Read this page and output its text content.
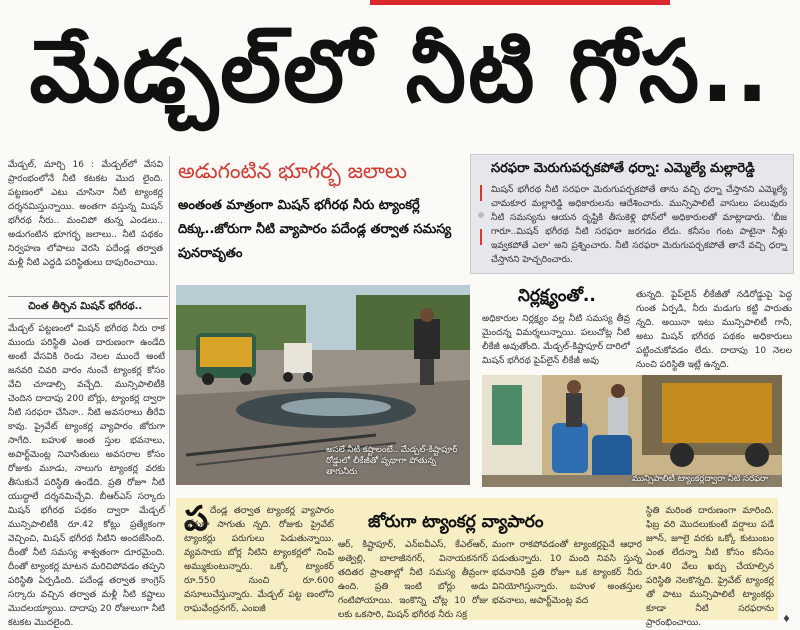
మేడ్చల్‌లో నీటి గోస..
మేడ్చల్‌, మార్చి 16 : మేడ్చల్‌లో వేసవి ప్రారంభంలోనే నీటి కటకట మొద లైంది. పట్టణంలో ఎటు చూసినా నీటి ట్యాంకర్ల దర్శనమిస్తున్నాయి. అంతగా వస్తున్న మిషన్‌ భగీరథ నీరు.. మంచిపో తున్న ఎండలు.. అడుగంటిన భూగర్భ జలాలు.. నీటి పథకం నిర్వహణ లోపాలు వెరసి పదేండ్ల తర్వాత మళ్లీ నీటి ఎద్దడి పరిస్థితులు దాపురించాయి.
చింత తీర్చిన మిషన్‌ భగీరథ..
మేడ్చల్‌ పట్టణంలో మిషన్‌ భగీరథ నీరు రాక ముందు పరిస్థితి ఎంత దారుణంగా ఉండేది అంటే వేసవికి రెండు నెలల ముందే అంటే జనవరి చివరి వారం నుంచే ట్యాంకర్ల కోసం వేచి చూడాల్సి వచ్చేది. మున్సిపాలిటీకి చెందిన దాదాపు 200 బోర్లు, ట్యాంకర్ల ద్వారా నీటి సరఫరా చేసినా.. నీటి అవసరాలు తీరేవి కావు. ప్రైవేట్‌ ట్యాంకర్ల వ్యాపారం జోరుగా సాగేది. బహుళ అంత స్తుల భవనాలు, అపార్ట్‌మెంట్ల నివాసితులు అవసరాల కోసం రోజుకు మూడు, నాలుగు ట్యాంకర్ల వరకు తీసుకునే పరిస్థితి ఉండేది. ప్రతి రోజూ నీటి యుద్ధాలే దర్శనమిచ్చేవి. బీఆర్‌ఎస్‌ సర్కారు మిషన్‌ భగీరథ పథకం ద్వారా మేడ్చల్‌ మున్సిపాలిటీకి రూ.42 కోట్లు ప్రత్యేకంగా వెచ్చించి, మిషన్‌ భగీరథ నీటిని అందజేసింది. దీంతో నీటి సమస్య శాశ్వతంగా దూరమైంది. దీంతో ట్యాంకర్ల మాటన మరిచిపోవడం తప్పని పరిస్థితి ఏర్పడింది. పదేండ్ల తర్వాత కాంగ్రెస్‌ సర్కారు వచ్చిన తర్వాత మళ్లీ నీటి కష్టాలు మొదలయ్యాయి. దాదాపు 20 రోజులుగా నీటి కటకట మొదలైంది.
అడుగంటిన భూగర్భ జలాలు
అంతంత మాత్రంగా మిషన్‌ భగీరథ నీరు ట్యాంకర్లే దిక్కు..జోరుగా నీటి వ్యాపారం పదేండ్ల తర్వాత సమస్య పునరావృతం
సరఫరా మెరుగుపర్చకపోతే ధర్నా: ఎమ్మెల్యే మల్లారెడ్డి
మిషన్‌ భగీరథ నీటి సరఫరా మెరుగుపర్చకపోతే తాను వచ్చి ధర్నా చేస్తానని ఎమ్మెల్యే చామకూర మల్లారెడ్డి అధికారులను ఆదేశించారు. మున్సిపాలిటీ వాసులు పలువురు నీటి సమస్యను ఆయన దృష్టికి తీసుకెళ్లి ఫోన్‌లో అధికారులతో మాట్లాడారు. 'బీజ గారూ..మిషన్‌ భగీరథ నీటి సరఫరా జరగడం లేదు. కనీసం గంట పాటైనా నీళ్లు ఇవ్వకపోతే ఎలా' అని ప్రశ్నించారు. నీటి సరఫరా మెరుగుపర్చకపోతే తానే వచ్చి ధర్నా చేస్తానని హెచ్చరించారు.
అసలే నీటి కష్టాలంటే.. మేడ్చల్‌-కిష్టాపూర్‌ రోడ్డులో లీకేజీతో వృథాగా పోతున్న తాగునీరు
నిర్లక్ష్యంతో..
అధికారుల నిర్లక్ష్యం వల్ల నీటి సమస్య తీవ్ర మైందన్న విమర్శలున్నాయి. పలుచోట్ల నీటి లీకేజీ అవుతోంది. మేడ్చల్‌-కిష్టాపూర్‌ దారిలో మిషన్‌ భగీరథ పైప్‌లైన్‌ లీకేజీ అవు
తున్నది. పైప్‌లైన్‌ లీకేజీతో నడిరోడ్డుపై పెద్ద గుంత ఏర్పడి, నీరు మడుగు కట్టి పారుతు న్నది. అయినా ఇటు మున్సిపాలిటీ గానీ, అటు మిషన్‌ భగీరథ పథకం అధికారులు పట్టించుకోవడం లేదు. దాదాపు 10 నెలల నుంచి పరిస్థితి ఇట్లే ఉన్నది.
మున్సిపాలిటీ ట్యాంకర్లద్వారా నీటి సరఫరా
జోరుగా ట్యాంకర్ల వ్యాపారం
ప దేండ్ల తర్వాత ట్యాంకర్ల వ్యాపారం జోరుగా సాగుతు న్నది. రోజుకు ప్రైవేట్‌ ట్యాంకర్లు పరుగులు పెడుతున్నాయి. వ్యవసాయ బోర్ల నీటిని ట్యాంకర్లలో నింపి అమ్ముకుంటున్నారు. ఒక్కో ట్యాంకర్‌ రూ.550 నుంచి రూ.600 వసూలుచేస్తున్నారు. మేడ్చల్‌ పట్ట ణంలోని రాఘవేంద్రనగర్‌, ఎంఐజీ
ఆర్‌, కిష్టాపూర్‌, ఎన్‌ఐవీఎస్‌, కేఎల్‌ఆర్‌, అత్వెల్లి, బాలాజీనగర్‌, వినాయకనగర్‌ తదితర ప్రాంతాల్లో నీటి సమస్య తీవ్రంగా ఉంది. ప్రతి ఇంటి బోర్లు అడు గంటిపోయాయి. ఇంకొన్ని చోట్ల 10 రోజు లకు ఒకసారి, మిషన్‌ భగీరథ నీరు సక్ర
మంగా రాకపోవడంతో ట్యాంకర్లపైనే ఆధార పడుతున్నారు. 10 మంది నివసి స్తున్న భవనానికి ప్రతి రోజూ ఒక ట్యాంకర్‌ నీరు వినియోగిస్తున్నారు. బహుళ అంతస్తుల భవనాలు, అపార్ట్‌మెంట్ల వద
స్థితి మరింత దారుణంగా మారింది. ఫిబ్ర వరి మొదలుకుంటే వర్షాలు పడే జూన్‌, జూలై వరకు ఒక్కో కుటుంబం ఎంత లేదన్నా నీటి కోసం కనీసం రూ.40 వేలు ఖర్చు చేయాల్సిన పరిస్థితి నెలకొన్నది. ప్రైవేట్‌ ట్యాంకర్ల తో పాటు మున్సిపాలిటీ ట్యాంకర్లు కూడా నీటి సరఫరాను ప్రారంభించాయి.	♦
